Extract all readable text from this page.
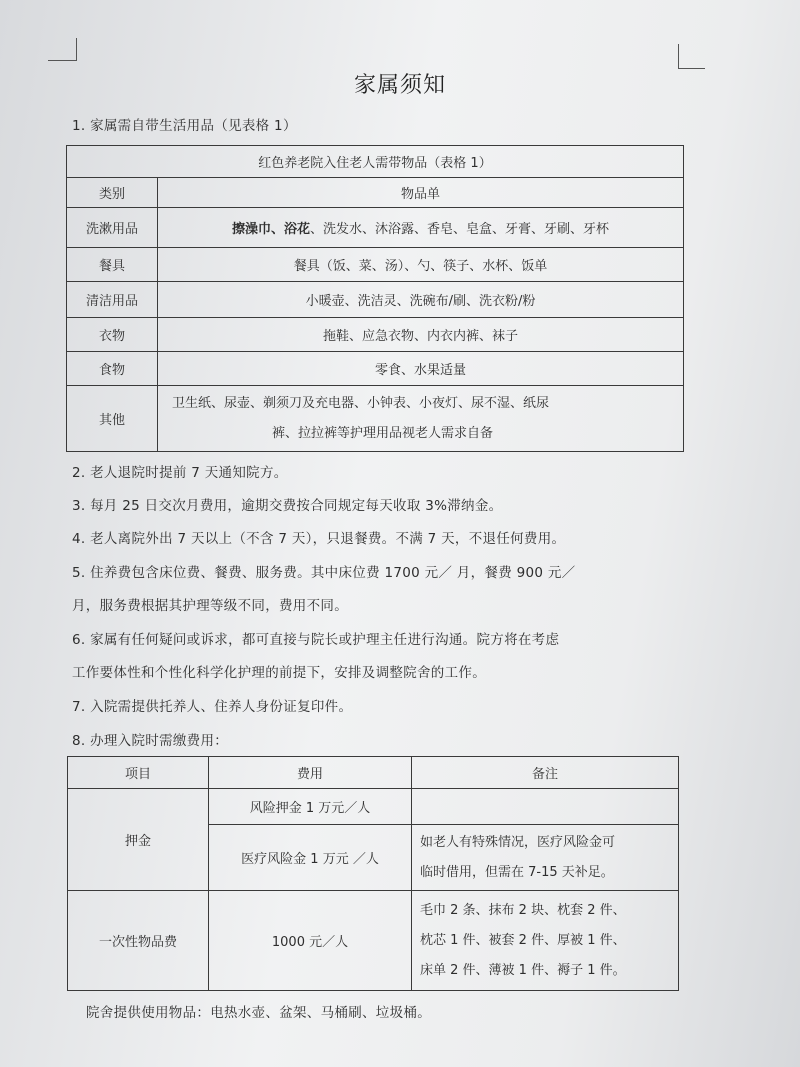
家属须知
1. 家属需自带生活用品（见表格 1）
红色养老院入住老人需带物品（表格 1）	
类别	物品单
洗漱用品	擦澡巾、浴花、洗发水、沐浴露、香皂、皂盒、牙膏、牙刷、牙杯
餐具	餐具（饭、菜、汤）、勺、筷子、水杯、饭单
清洁用品	小暖壶、洗洁灵、洗碗布/刷、洗衣粉/粉
衣物	拖鞋、应急衣物、内衣内裤、袜子
食物	零食、水果适量
其他	卫生纸、尿壶、剃须刀及充电器、小钟表、小夜灯、尿不湿、纸尿
裤、拉拉裤等护理用品视老人需求自备
2. 老人退院时提前 7 天通知院方。
3. 每月 25 日交次月费用，逾期交费按合同规定每天收取 3%滞纳金。
4. 老人离院外出 7 天以上（不含 7 天），只退餐费。不满 7 天，不退任何费用。
5. 住养费包含床位费、餐费、服务费。其中床位费 1700 元／ 月，餐费 900 元／
月，服务费根据其护理等级不同，费用不同。
6. 家属有任何疑问或诉求，都可直接与院长或护理主任进行沟通。院方将在考虑
工作要体性和个性化科学化护理的前提下，安排及调整院舍的工作。
7. 入院需提供托养人、住养人身份证复印件。
8. 办理入院时需缴费用：
项目	费用	备注
押金	风险押金 1 万元／人	
	医疗风险金 1 万元 ／人	如老人有特殊情况，医疗风险金可
临时借用，但需在 7-15 天补足。

一次性物品费	1000 元／人	毛巾 2 条、抹布 2 块、枕套 2 件、
枕芯 1 件、被套 2 件、厚被 1 件、
床单 2 件、薄被 1 件、褥子 1 件。
院舍提供使用物品：电热水壶、盆架、马桶刷、垃圾桶。
